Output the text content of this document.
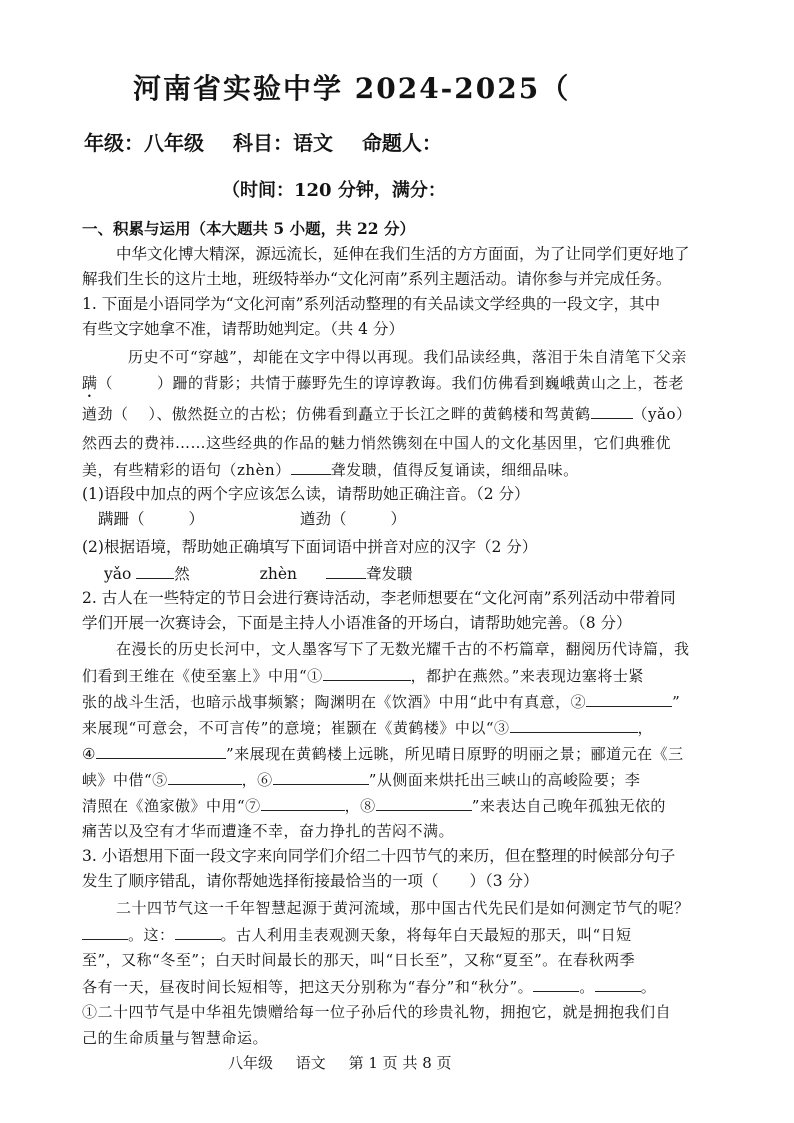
河南省实验中学 2024-2025（
年级：八年级 科目：语文 命题人：
（时间：120 分钟，满分：
一、积累与运用（本大题共 5 小题，共 22 分）
中华文化博大精深，源远流长，延伸在我们生活的方方面面，为了让同学们更好地了
解我们生长的这片土地，班级特举办“文化河南”系列主题活动。请你参与并完成任务。
1. 下面是小语同学为“文化河南”系列活动整理的有关品读文学经典的一段文字，其中
有些文字她拿不准，请帮助她判定。（共 4 分）
历史不可“穿越”，却能在文字中得以再现。我们品读经典，落泪于朱自清笔下父亲
蹒（	）跚的背影；共情于藤野先生的谆谆教诲。我们仿佛看到巍峨黄山之上，苍老
遒劲（ ）、傲然挺立的古松；仿佛看到矗立于长江之畔的黄鹤楼和驾黄鹤	（yǎo）
然西去的费祎……这些经典的作品的魅力悄然镌刻在中国人的文化基因里，它们典雅优
美，有些精彩的语句（zhèn）	聋发聩，值得反复诵读，细细品味。
(1)语段中加点的两个字应该怎么读，请帮助她正确注音。（2 分）
蹒跚（	）	遒劲（	）
(2)根据语境，帮助她正确填写下面词语中拼音对应的汉字（2 分）
yǎo	然	zhèn	聋发聩
2. 古人在一些特定的节日会进行赛诗活动，李老师想要在“文化河南”系列活动中带着同
学们开展一次赛诗会，下面是主持人小语准备的开场白，请帮助她完善。（8 分）
在漫长的历史长河中，文人墨客写下了无数光耀千古的不朽篇章，翻阅历代诗篇，我
们看到王维在《使至塞上》中用“①	，都护在燕然。”来表现边塞将士紧
张的战斗生活，也暗示战事频繁；陶渊明在《饮酒》中用“此中有真意，②	”
来展现“可意会，不可言传”的意境；崔颢在《黄鹤楼》中以“③	，
④	”来展现在黄鹤楼上远眺，所见晴日原野的明丽之景；郦道元在《三
峡》中借“⑤	，⑥	”从侧面来烘托出三峡山的高峻险要；李
清照在《渔家傲》中用“⑦	，⑧	”来表达自己晚年孤独无依的
痛苦以及空有才华而遭逢不幸，奋力挣扎的苦闷不满。
3. 小语想用下面一段文字来向同学们介绍二十四节气的来历，但在整理的时候部分句子
发生了顺序错乱，请你帮她选择衔接最恰当的一项（　　）（3 分）
二十四节气这一千年智慧起源于黄河流域，那中国古代先民们是如何测定节气的呢？
。这：	。古人利用圭表观测天象，将每年白天最短的那天，叫“日短
至”，又称“冬至”；白天时间最长的那天，叫“日长至”，又称“夏至”。在春秋两季
各有一天，昼夜时间长短相等，把这天分别称为“春分”和“秋分”。	。	。
①二十四节气是中华祖先馈赠给每一位子孙后代的珍贵礼物，拥抱它，就是拥抱我们自
己的生命质量与智慧命运。
八年级 语文 第 1 页 共 8 页
